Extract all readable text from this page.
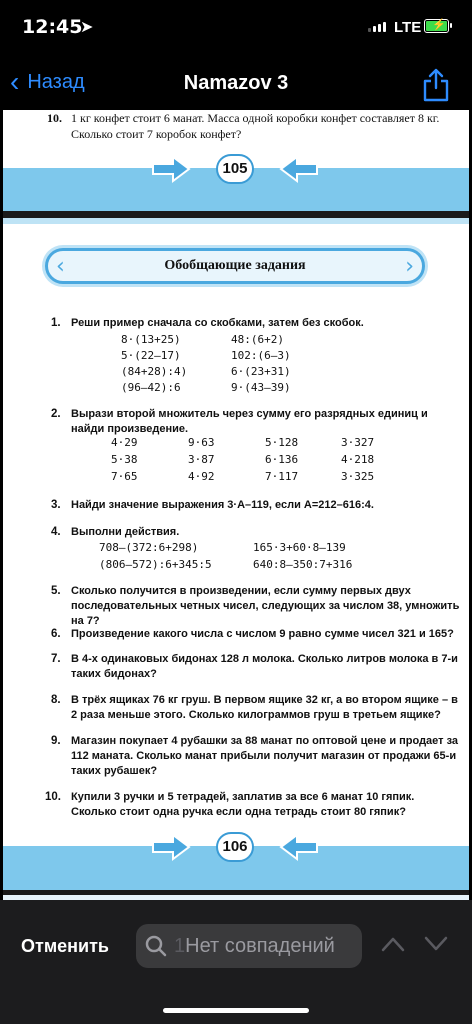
12:45
➤	LTE ⚡
‹ Назад	Namazov 3
10. 1 кг конфет стоит 6 манат. Масса одной коробки конфет составляет 8 кг.
Сколько стоит 7 коробок конфет?
105
‹	Обобщающие задания	›
1. Реши пример сначала со скобками, затем без скобок.
8·(13+25)	48:(6+2)
5·(22–17)	102:(6–3)
(84+28):4)	6·(23+31)
(96–42):6	9·(43–39)
2. Вырази второй множитель через сумму его разрядных единиц и найди произведение.
4·29	9·63	5·128	3·327
5·38	3·87	6·136	4·218
7·65	4·92	7·117	3·325
3. Найди значение выражения 3·A–119, если A=212–616:4.
4. Выполни действия.
708–(372:6+298)	165·3+60·8–139
(806–572):6+345:5	640:8–350:7+316
5. Сколько получится в произведении, если сумму первых двух последовательных четных чисел, следующих за числом 38, умножить на 7?
6. Произведение какого числа с числом 9 равно сумме чисел 321 и 165?
7. В 4-х одинаковых бидонах 128 л молока. Сколько литров молока в 7-и таких бидонах?
8. В трёх ящиках 76 кг груш. В первом ящике 32 кг, а во втором ящике – в 2 раза меньше этого. Сколько килограммов груш в третьем ящике?
9. Магазин покупает 4 рубашки за 88 манат по оптовой цене и продает за 112 маната. Сколько манат прибыли получит магазин от продажи 65-и таких рубашек?
10. Купили 3 ручки и 5 тетрадей, заплатив за все 6 манат 10 гяпик. Сколько стоит одна ручка если одна тетрадь стоит 80 гяпик?
106
Отменить	1Нет совпадений
